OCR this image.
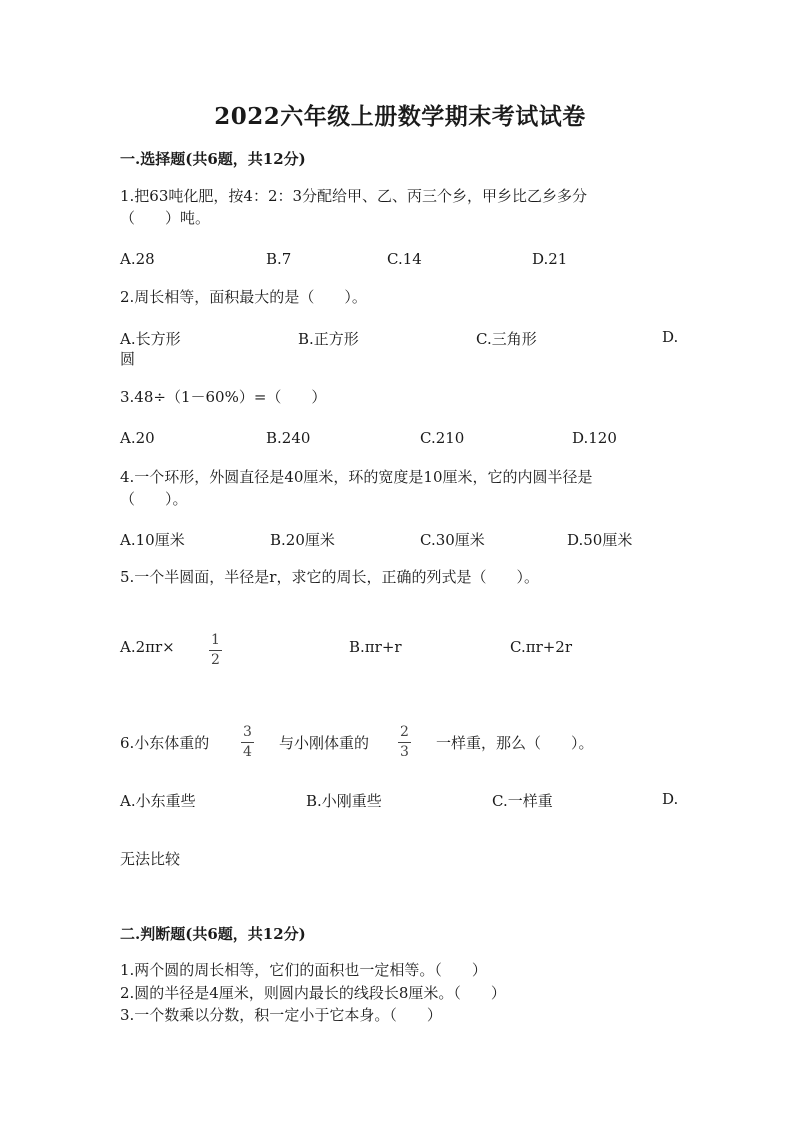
2022六年级上册数学期末考试试卷
一.选择题(共6题，共12分)
1.把63吨化肥，按4：2：3分配给甲、乙、丙三个乡，甲乡比乙乡多分
（　　）吨。
A.28	B.7	C.14	D.21
2.周长相等，面积最大的是（　　）。
A.长方形	B.正方形	C.三角形	D.
圆
3.48÷（1－60%）=（　　）
A.20	B.240	C.210	D.120
4.一个环形，外圆直径是40厘米，环的宽度是10厘米，它的内圆半径是
（　　）。
A.10厘米	B.20厘米	C.30厘米	D.50厘米
5.一个半圆面，半径是r，求它的周长，正确的列式是（　　）。
A.2πr×	1
2
B.πr+r	C.πr+2r
6.小东体重的
3
4 与小刚体重的
2
3 一样重，那么（　　）。
A.小东重些	B.小刚重些	C.一样重	D.
无法比较
二.判断题(共6题，共12分)
1.两个圆的周长相等，它们的面积也一定相等。（　　）
2.圆的半径是4厘米，则圆内最长的线段长8厘米。（　　）
3.一个数乘以分数，积一定小于它本身。（　　）
